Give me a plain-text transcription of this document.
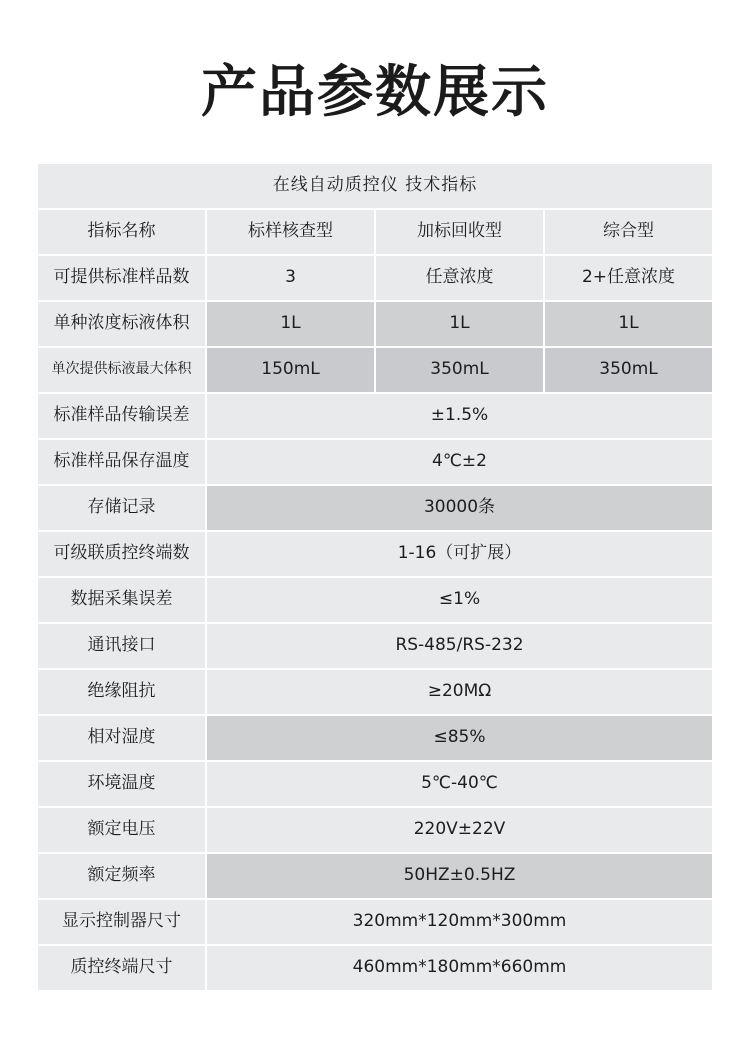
产品参数展示
在线自动质控仪 技术指标			

指标名称	标样核查型	加标回收型	综合型

可提供标准样品数	3	任意浓度	2+任意浓度

单种浓度标液体积	1L	1L	1L

单次提供标液最大体积	150mL	350mL	350mL

标准样品传输误差	±1.5%		

标准样品保存温度	4℃±2		

存储记录	30000条		

可级联质控终端数	1-16（可扩展）		

数据采集误差	≤1%		

通讯接口	RS-485/RS-232		

绝缘阻抗	≥20MΩ		

相对湿度	≤85%		

环境温度	5℃-40℃		

额定电压	220V±22V		

额定频率	50HZ±0.5HZ		

显示控制器尺寸	320mm*120mm*300mm		

质控终端尺寸	460mm*180mm*660mm		
